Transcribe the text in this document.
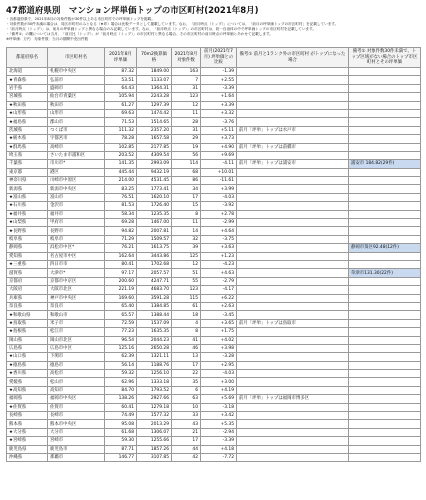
47都道府県別　マンション坪単価トップの市区町村(2021年8月)
・各都道府県で、2021年8月の対象件数が30件以上ある市区町村での坪単価トップを掲載。
・対象件数が30件未満の場合は、同区市町村のみとなる（★印）場合は比較データとして掲載しています。なお、「前月時点（トップ）」については、「前月の坪単価トップの市区町村」を記載しています。
・「前月時点（トップ）」は、前月の坪単価トップと異なる場合のみ記載しています。なお、「前月時点（トップ）」の市区町村は、同一自治体の中で坪単価トップの市区町村を記載しています。
・「備考①」の欄については当月、「前月比（トップ）」が「前月時点（トップ）」の市区町村と異なる場合、その市区町村の前月時点の坪単価とあわせて記載します。
※坪単価：万円　対象件数：当月の期間中売出件数
都道府県名	市区町村名	2021年8月 坪単価	70m2換算価格	2021年8月 対象件数	前月(2021年7月) 坪単価との比較	備考① 前月と1ランク外の市区町村 がトップになった場合	備考② 対象件数30件未満で、トップ区域がない場合のトップ市区町村とその坪単価
北海道	札幌市中央区	87.32	1849.00	163	-1.39		
★青森県	弘前市	53.51	1133.07	7	+2.55		
岩手県	盛岡市	64.43	1364.31	31	-3.39		
宮城県	仙台市青葉区	105.94	2243.28	123	+1.64		
★秋田県	秋田市	61.27	1297.39	12	+3.39		
★山形県	山形市	69.63	1474.42	11	+3.32		
★福島県	郡山市	71.53	1514.65	28	-3.76		
茨城県	つくば市	111.32	2357.20	31	+5.11	前月「坪単」トップは水戸市	
★栃木県	宇都宮市	78.28	1657.58	29	+3.73		
★群馬県	高崎市	102.85	2177.85	19	+4.90	前月「坪単」トップは前橋市	
埼玉県	さいたま市浦和区	203.52	4309.54	56	+9.69		
千葉県	市川市*	141.35	2993.09	114	-4.11	前月「坪単」トップは浦安市	浦安市 184.82(29件)
東京都	港区	445.44	9432.19	68	+10.01		
神奈川県	川崎市中原区	214.00	4531.45	86	-11.61		
新潟県	新潟市中央区	83.25	1773.41	34	+3.99		
★富山県	富山市	76.51	1620.10	17	-4.03		
★石川県	金沢市	81.53	1726.40	15	-3.92		
★福井県	福井市	58.34	1235.35	8	+2.78		
★山梨県	甲府市	69.28	1467.00	11	-2.99		
★長野県	長野市	94.82	2007.81	14	+4.64		
岐阜県	岐阜市	71.29	1509.57	32	-3.75		
静岡県	浜松市中区*	76.21	1613.75	39	+3.63		静岡市葵区92.48(12件)
愛知県	名古屋市中区	162.64	3443.86	125	+1.23		
★三重県	四日市市	80.41	1702.68	12	-4.23		
滋賀県	大津市*	97.17	2057.57	51	+4.63		草津市131.30(22件)
京都府	京都市中京区	200.60	4247.71	55	-2.79		
大阪府	大阪市北区	221.19	4683.70	123	-4.17		
兵庫県	神戸市中央区	169.60	3591.28	115	+6.22		
奈良県	奈良市	65.40	1384.85	61	+2.63		
★和歌山県	和歌山市	65.57	1388.44	18	-3.45		
★鳥取県	米子市	72.59	1537.09	4	+3.65	前月「坪単」トップは鳥取市	
★島根県	松江市	77.23	1635.35	8	+1.75		
岡山県	岡山市北区	96.54	2044.23	41	+4.02		
広島県	広島市中区	125.16	2650.28	46	+3.98		
★山口県	下関市	62.39	1321.11	13	-3.28		
★徳島県	徳島市	56.14	1188.76	17	+2.95		
★香川県	高松市	59.32	1256.10	22	-4.03		
愛媛県	松山市	62.96	1333.18	35	+3.00		
★高知県	高知市	84.70	1793.52	6	+4.19		
福岡県	福岡市中央区	138.26	2927.66	63	+5.69	前月「坪単」トップは福岡市博多区	
★佐賀県	佐賀市	60.41	1279.18	10	-3.18		
長崎県	長崎市	74.49	1577.32	33	+3.42		
熊本県	熊本市中央区	95.08	2013.29	43	+5.35		
★大分県	大分市	61.68	1306.07	21	-2.94		
★宮崎県	宮崎市	59.30	1255.66	17	-3.39		
鹿児島県	鹿児島市	87.71	1857.26	44	+4.18		
沖縄県	那覇市	146.77	3107.85	42	-7.72		
